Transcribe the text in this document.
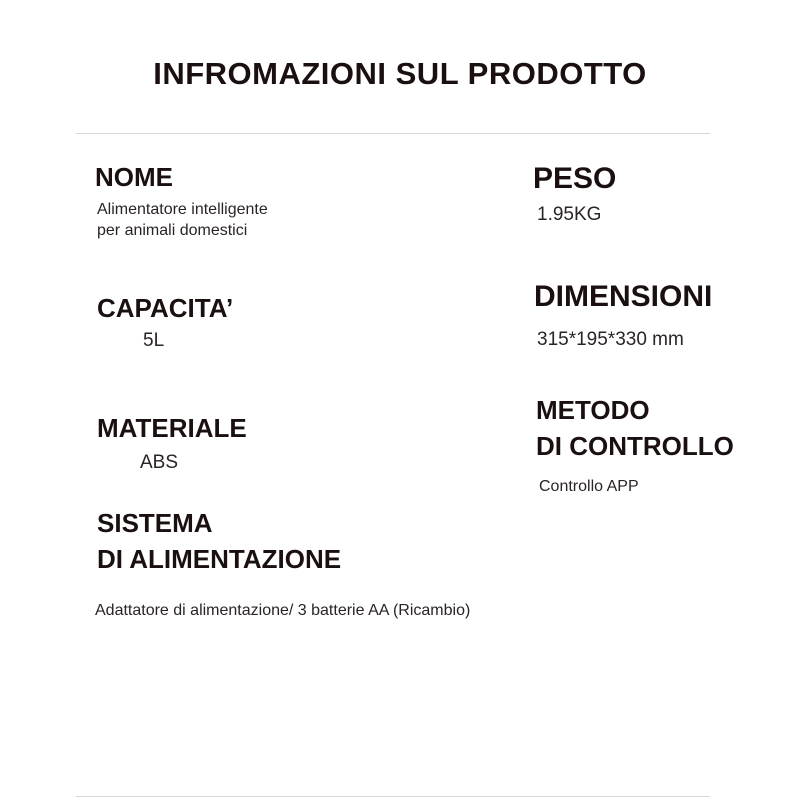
INFROMAZIONI SUL PRODOTTO
NOME
Alimentatore intelligente
per animali domestici
PESO
1.95KG
CAPACITA’
5L
DIMENSIONI
315*195*330 mm
MATERIALE
ABS
METODO
DI CONTROLLO
Controllo APP
SISTEMA
DI ALIMENTAZIONE
Adattatore di alimentazione/ 3 batterie AA (Ricambio)
